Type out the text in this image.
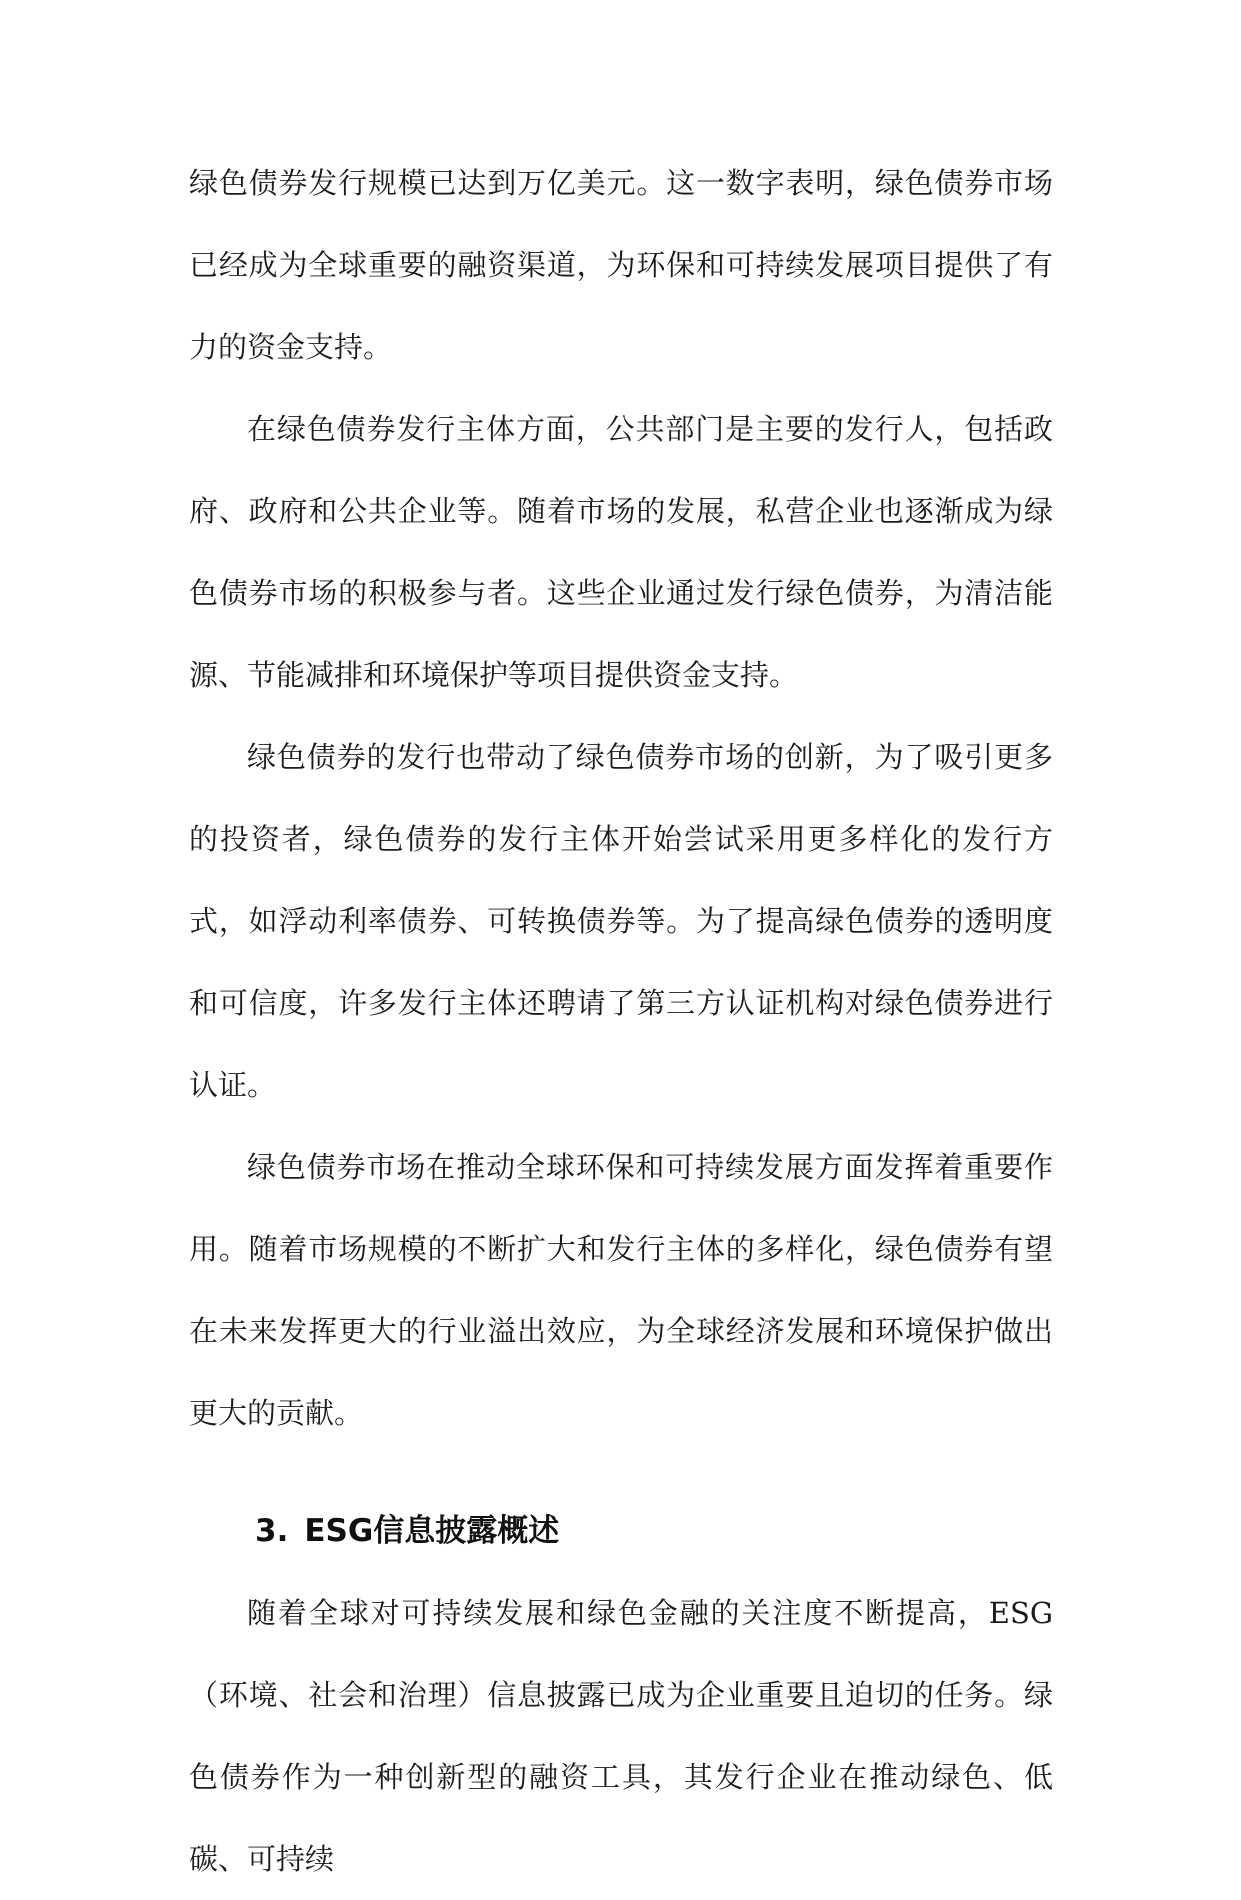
绿色债券发行规模已达到万亿美元。这一数字表明，绿色债券市场已经成为全球重要的融资渠道，为环保和可持续发展项目提供了有力的资金支持。

在绿色债券发行主体方面，公共部门是主要的发行人，包括政府、政府和公共企业等。随着市场的发展，私营企业也逐渐成为绿色债券市场的积极参与者。这些企业通过发行绿色债券，为清洁能源、节能减排和环境保护等项目提供资金支持。

绿色债券的发行也带动了绿色债券市场的创新，为了吸引更多的投资者，绿色债券的发行主体开始尝试采用更多样化的发行方式，如浮动利率债券、可转换债券等。为了提高绿色债券的透明度和可信度，许多发行主体还聘请了第三方认证机构对绿色债券进行认证。

绿色债券市场在推动全球环保和可持续发展方面发挥着重要作用。随着市场规模的不断扩大和发行主体的多样化，绿色债券有望在未来发挥更大的行业溢出效应，为全球经济发展和环境保护做出更大的贡献。

3. ESG信息披露概述

随着全球对可持续发展和绿色金融的关注度不断提高，ESG（环境、社会和治理）信息披露已成为企业重要且迫切的任务。绿色债券作为一种创新型的融资工具，其发行企业在推动绿色、低碳、可持续
